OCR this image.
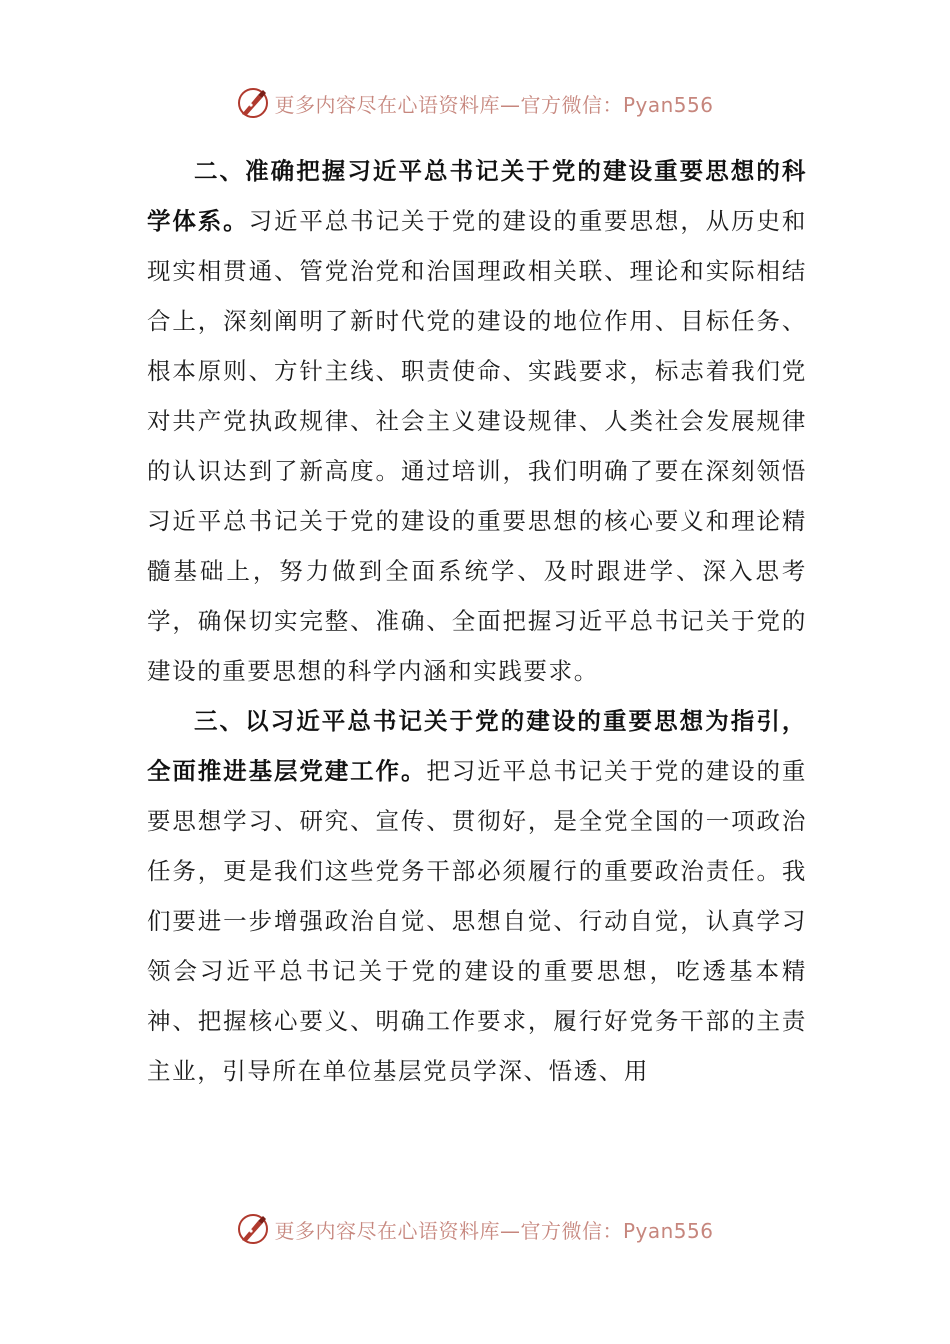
更多内容尽在心语资料库—官方微信：Pyan556

二、准确把握习近平总书记关于党的建设重要思想的科学体系。习近平总书记关于党的建设的重要思想，从历史和现实相贯通、管党治党和治国理政相关联、理论和实际相结合上，深刻阐明了新时代党的建设的地位作用、目标任务、根本原则、方针主线、职责使命、实践要求，标志着我们党对共产党执政规律、社会主义建设规律、人类社会发展规律的认识达到了新高度。通过培训，我们明确了要在深刻领悟习近平总书记关于党的建设的重要思想的核心要义和理论精髓基础上，努力做到全面系统学、及时跟进学、深入思考学，确保切实完整、准确、全面把握习近平总书记关于党的建设的重要思想的科学内涵和实践要求。

三、以习近平总书记关于党的建设的重要思想为指引，全面推进基层党建工作。把习近平总书记关于党的建设的重要思想学习、研究、宣传、贯彻好，是全党全国的一项政治任务，更是我们这些党务干部必须履行的重要政治责任。我们要进一步增强政治自觉、思想自觉、行动自觉，认真学习领会习近平总书记关于党的建设的重要思想，吃透基本精神、把握核心要义、明确工作要求，履行好党务干部的主责主业，引导所在单位基层党员学深、悟透、用

更多内容尽在心语资料库—官方微信：Pyan556
